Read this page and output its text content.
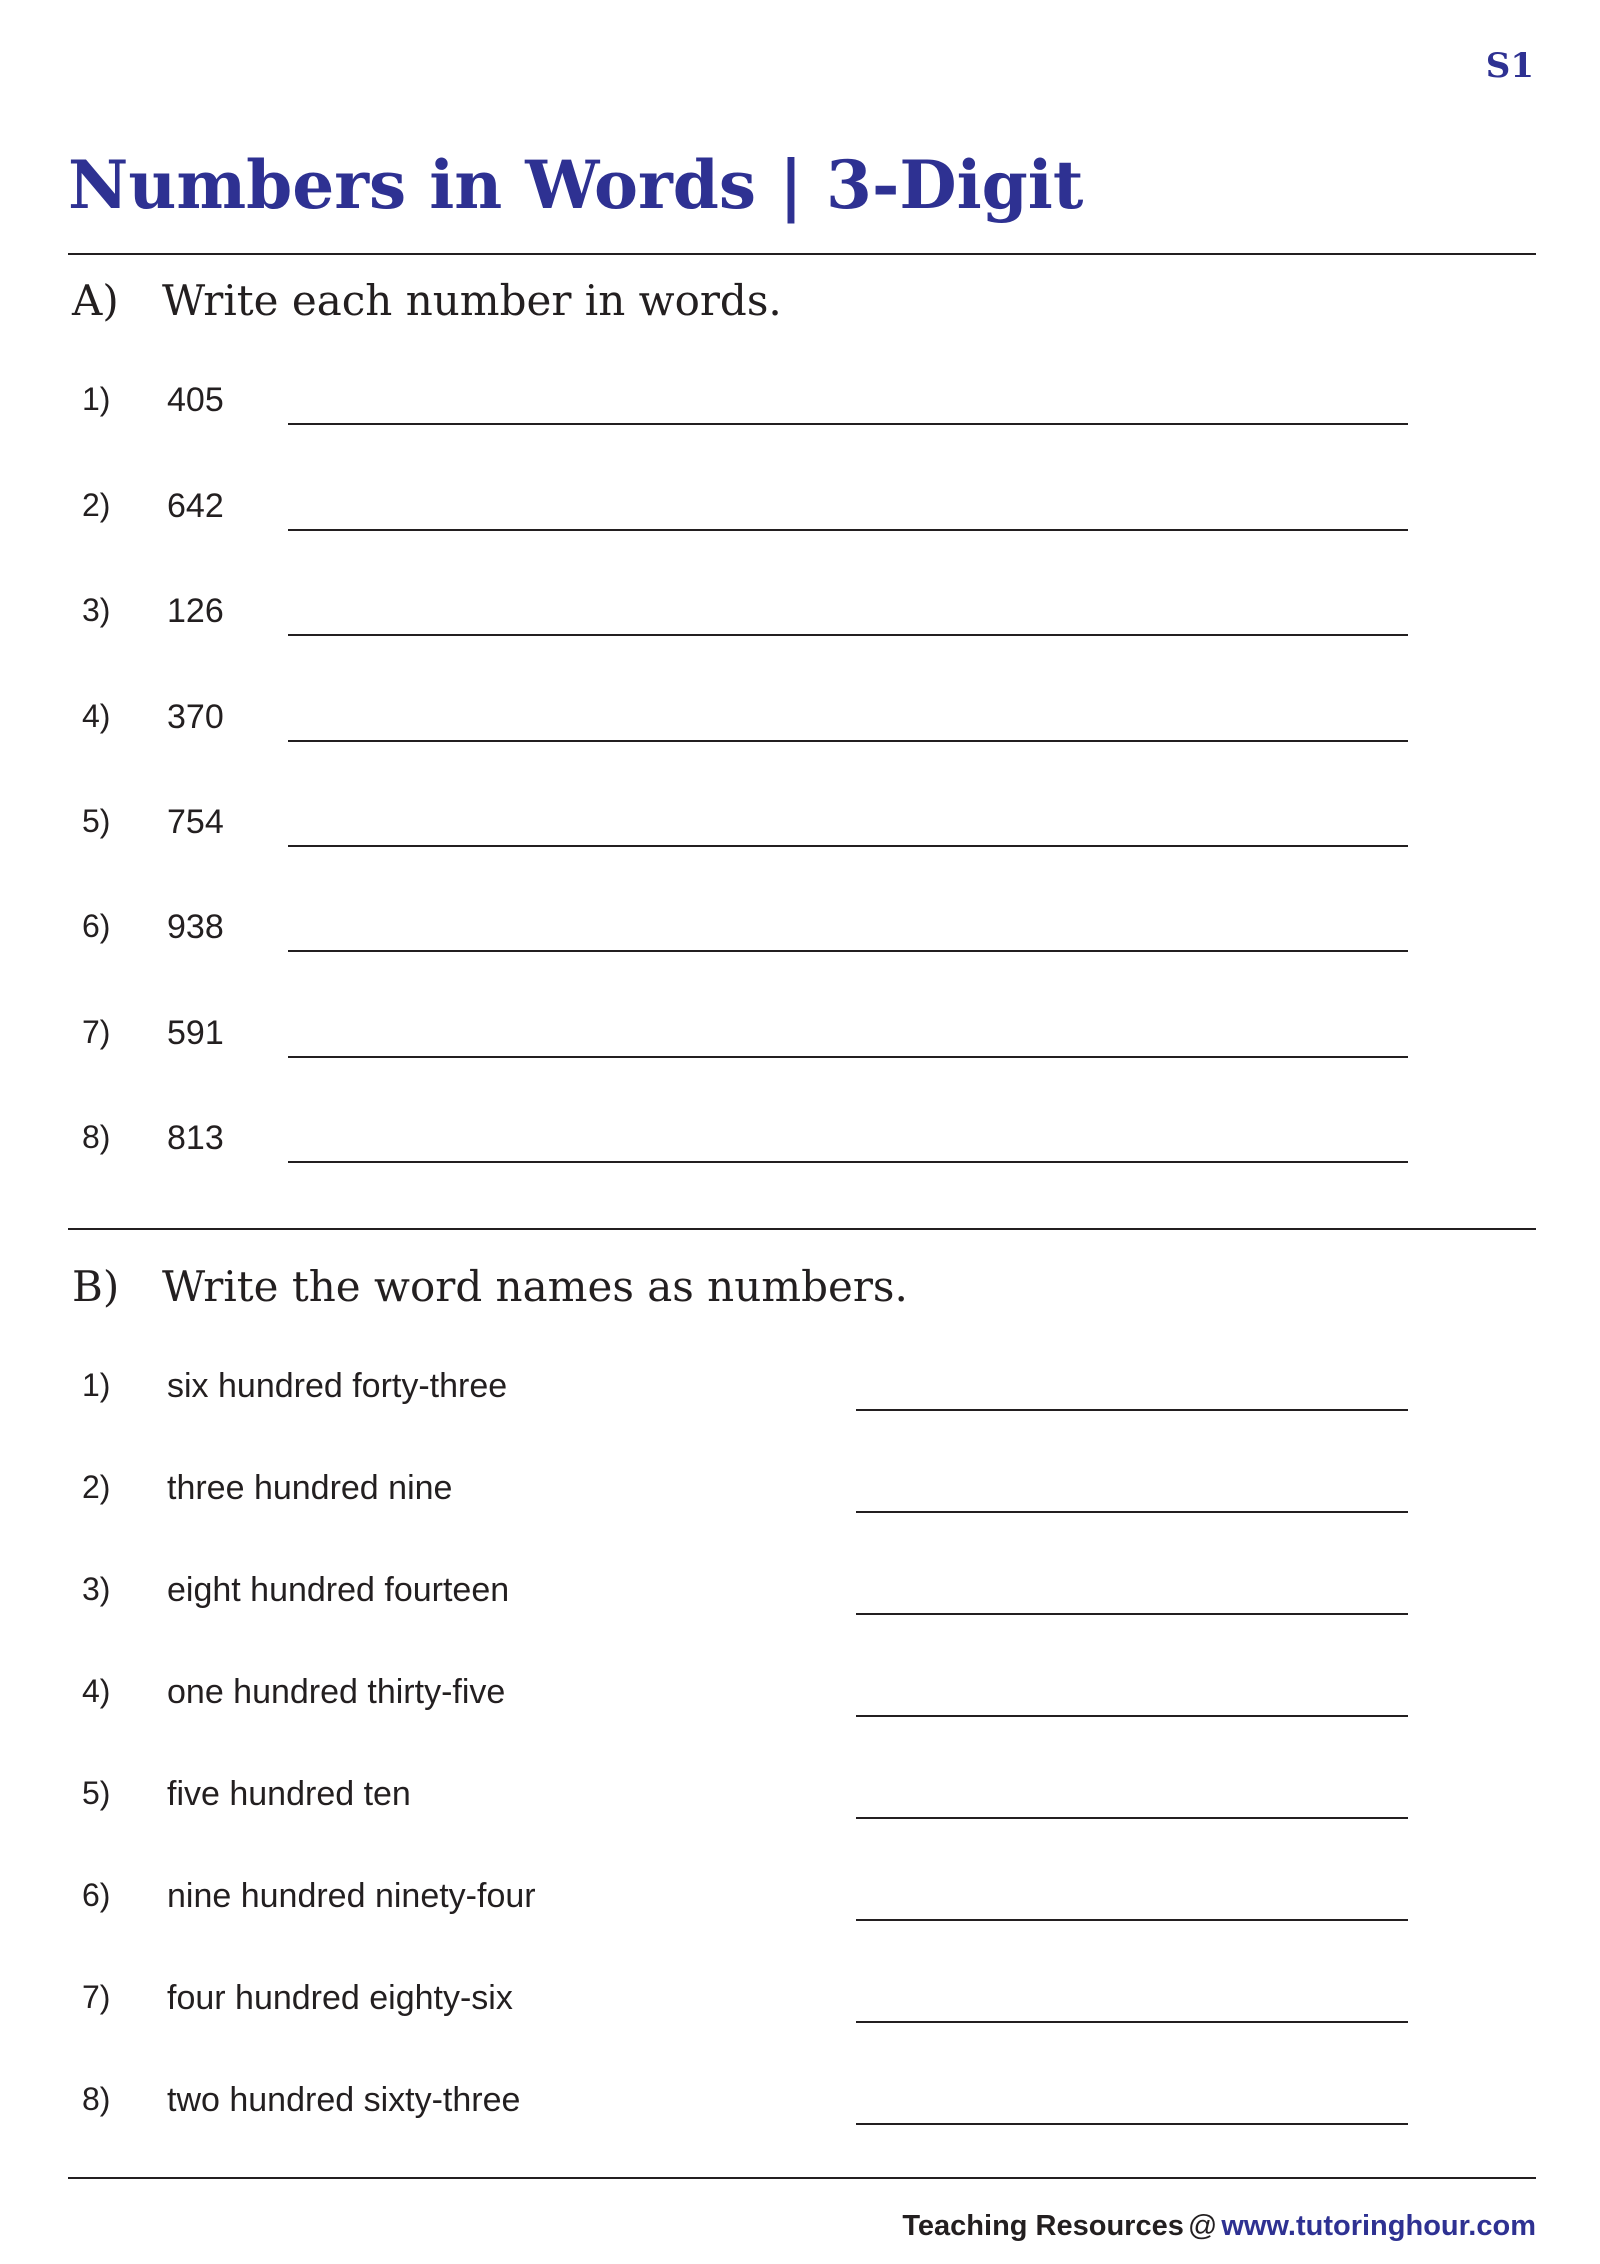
S1
Numbers in Words | 3-Digit
A) Write each number in words.
1) 405
2) 642
3) 126
4) 370
5) 754
6) 938
7) 591
8) 813
B) Write the word names as numbers.
1) six hundred forty-three
2) three hundred nine
3) eight hundred fourteen
4) one hundred thirty-five
5) five hundred ten
6) nine hundred ninety-four
7) four hundred eighty-six
8) two hundred sixty-three
Teaching Resources @ www.tutoringhour.com
